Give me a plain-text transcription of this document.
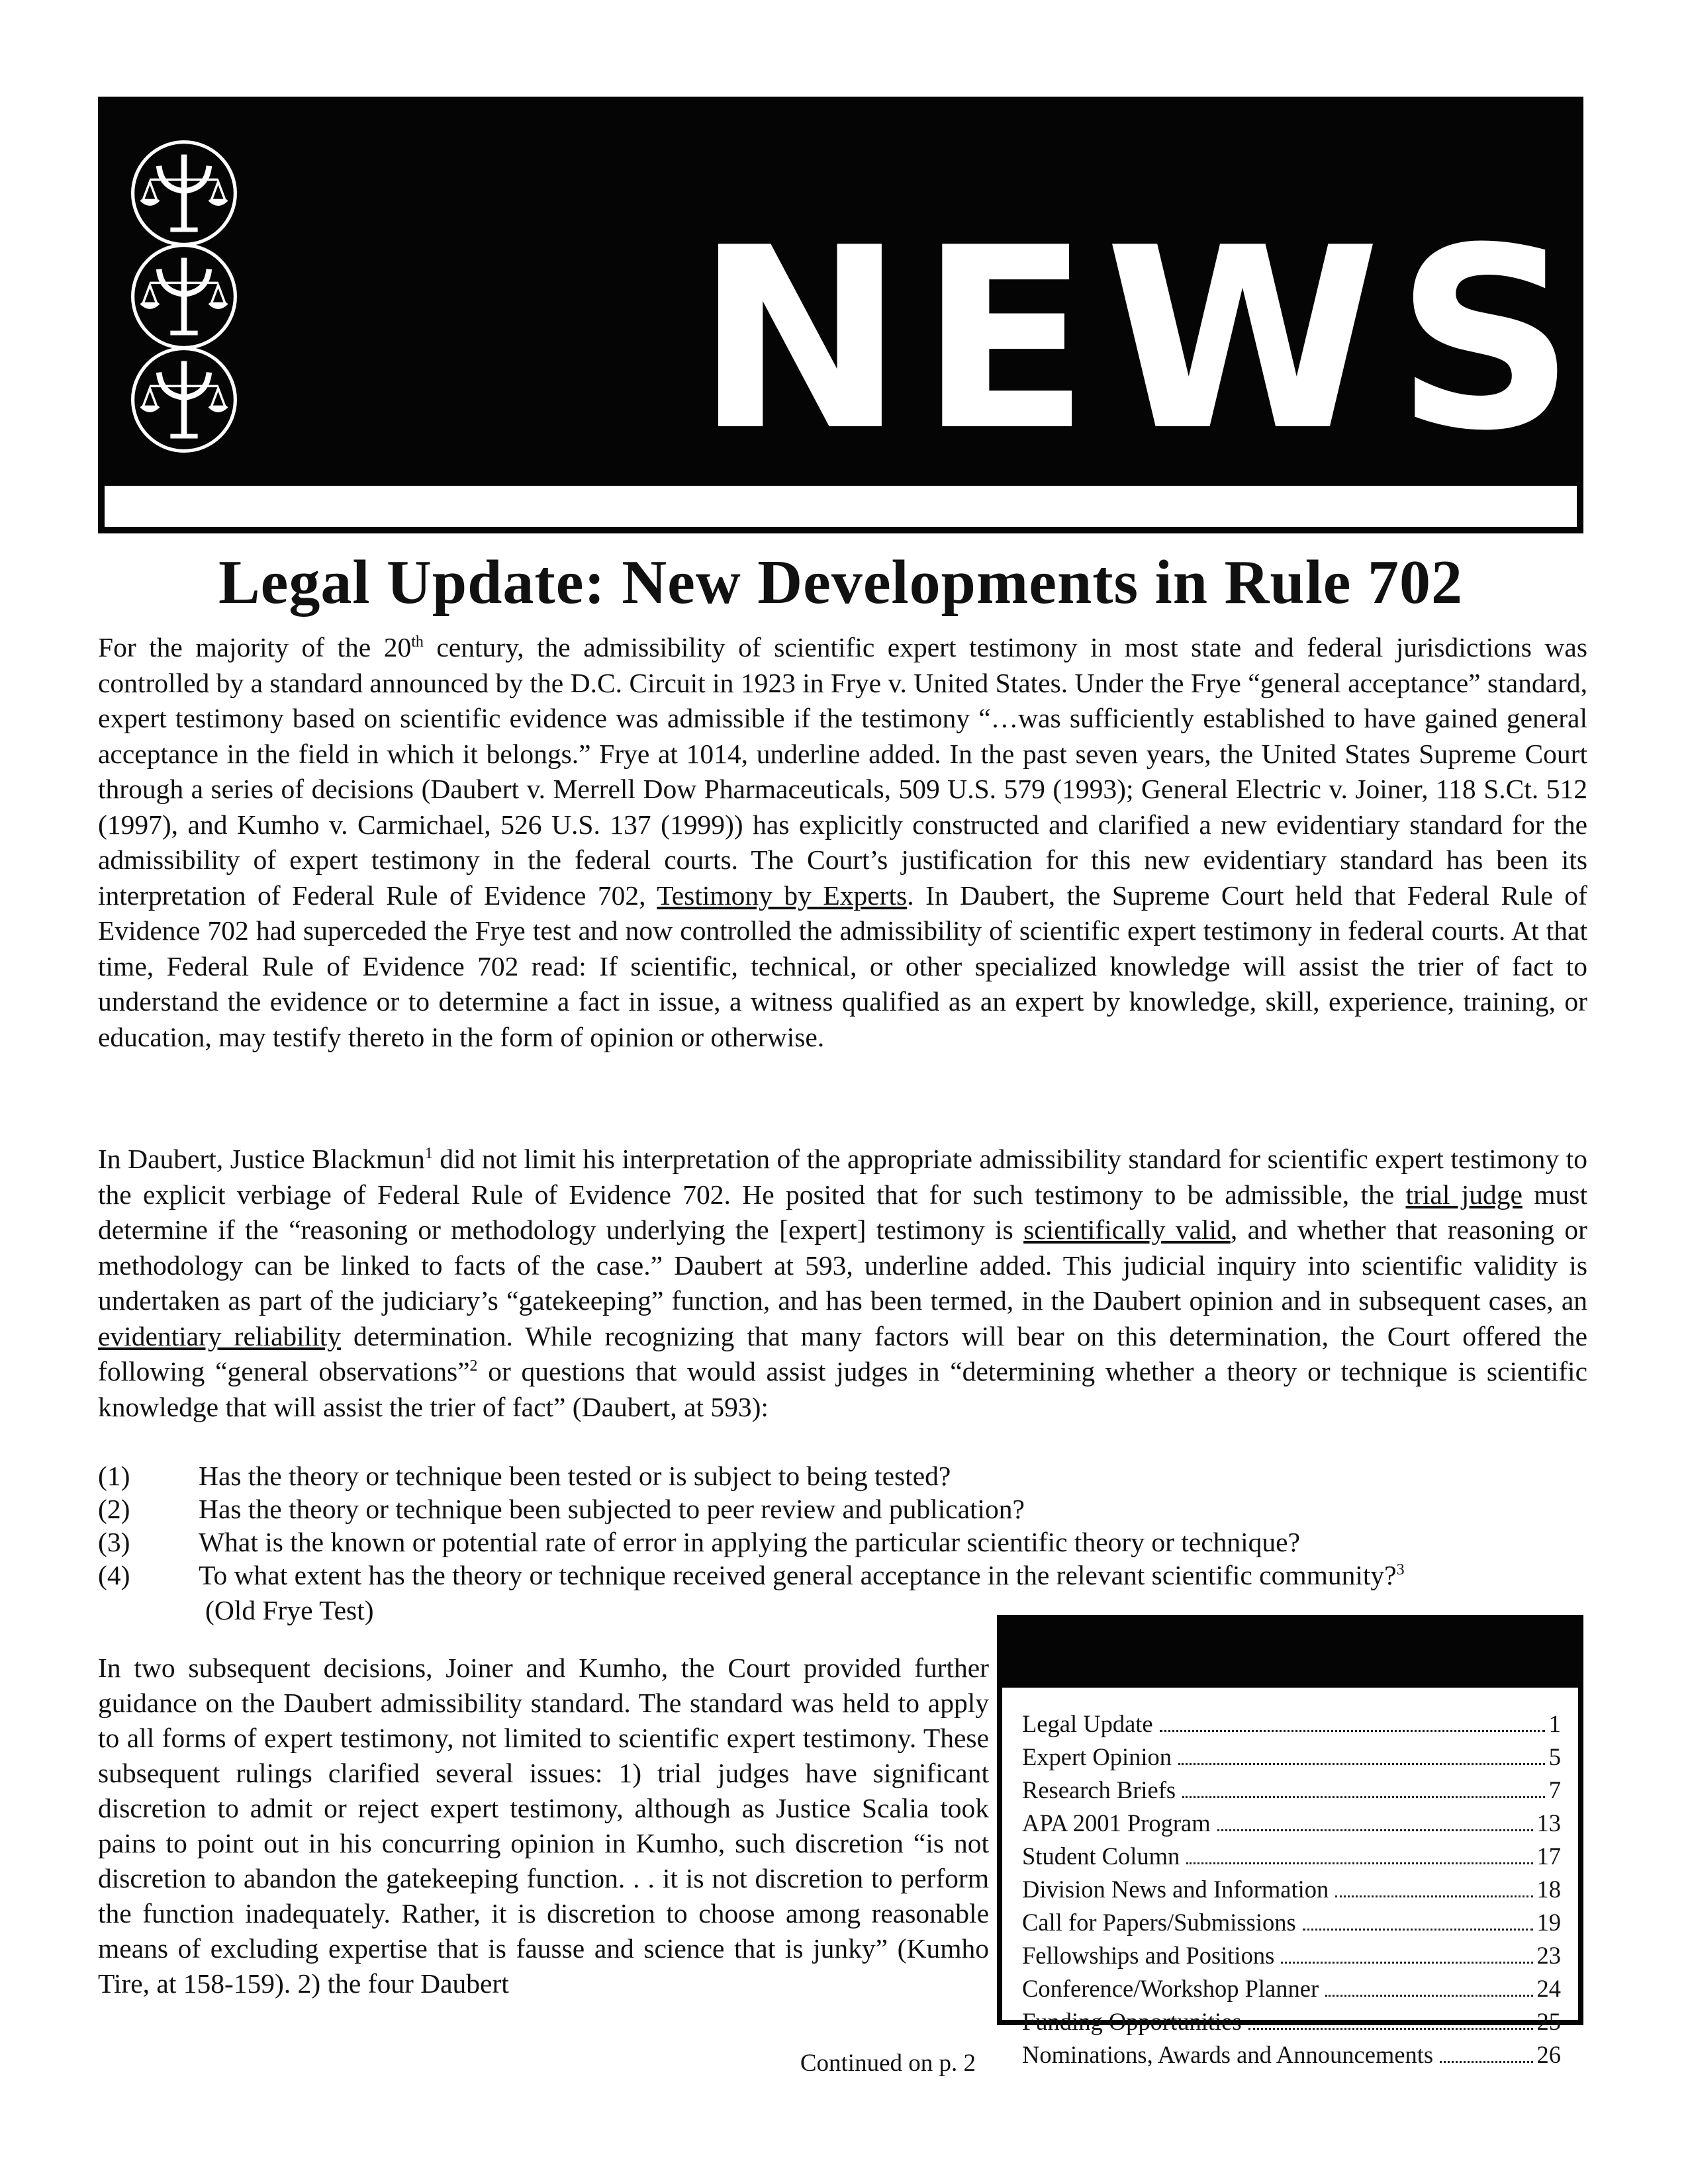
NEWS
Legal Update: New Developments in Rule 702

For the majority of the 20th century, the admissibility of scientific expert testimony in most state and federal jurisdictions was controlled by a standard announced by the D.C. Circuit in 1923 in Frye v. United States. Under the Frye “general acceptance” standard, expert testimony based on scientific evidence was admissible if the testimony “…was sufficiently established to have gained general acceptance in the field in which it belongs.” Frye at 1014, underline added. In the past seven years, the United States Supreme Court through a series of decisions (Daubert v. Merrell Dow Pharmaceuticals, 509 U.S. 579 (1993); General Electric v. Joiner, 118 S.Ct. 512 (1997), and Kumho v. Carmichael, 526 U.S. 137 (1999)) has explicitly constructed and clarified a new evidentiary standard for the admissibility of expert testimony in the federal courts. The Court’s justification for this new evidentiary standard has been its interpretation of Federal Rule of Evidence 702, Testimony by Experts. In Daubert, the Supreme Court held that Federal Rule of Evidence 702 had superceded the Frye test and now controlled the admissibility of scientific expert testimony in federal courts. At that time, Federal Rule of Evidence 702 read: If scientific, technical, or other specialized knowledge will assist the trier of fact to understand the evidence or to determine a fact in issue, a witness qualified as an expert by knowledge, skill, experience, training, or education, may testify thereto in the form of opinion or otherwise.

In Daubert, Justice Blackmun$^1$ did not limit his interpretation of the appropriate admissibility standard for scientific expert testimony to the explicit verbiage of Federal Rule of Evidence 702. He posited that for such testimony to be admissible, the trial judge must determine if the “reasoning or methodology underlying the [expert] testimony is scientifically valid, and whether that reasoning or methodology can be linked to facts of the case.” Daubert at 593, underline added. This judicial inquiry into scientific validity is undertaken as part of the judiciary’s “gatekeeping” function, and has been termed, in the Daubert opinion and in subsequent cases, an evidentiary reliability determination. While recognizing that many factors will bear on this determination, the Court offered the following “general observations”$^2$ or questions that would assist judges in “determining whether a theory or technique is scientific knowledge that will assist the trier of fact” (Daubert, at 593):

(1) Has the theory or technique been tested or is subject to being tested?
(2) Has the theory or technique been subjected to peer review and publication?
(3) What is the known or potential rate of error in applying the particular scientific theory or technique?
(4) To what extent has the theory or technique received general acceptance in the relevant scientific community?$^3$
(Old Frye Test)

In two subsequent decisions, Joiner and Kumho, the Court provided further guidance on the Daubert admissibility standard. The standard was held to apply to all forms of expert testimony, not limited to scientific expert testimony. These subsequent rulings clarified several issues: 1) trial judges have significant discretion to admit or reject expert testimony, although as Justice Scalia took pains to point out in his concurring opinion in Kumho, such discretion “is not discretion to abandon the gatekeeping function. . . it is not discretion to perform the function inadequately. Rather, it is discretion to choose among reasonable means of excluding expertise that is fausse and science that is junky” (Kumho Tire, at 158-159). 2) the four Daubert

Continued on p. 2
Legal Update	1
Expert Opinion	5
Research Briefs	7
APA 2001 Program	13
Student Column	17
Division News and Information	18
Call for Papers/Submissions	19
Fellowships and Positions	23
Conference/Workshop Planner	24
Funding Opportunities	25
Nominations, Awards and Announcements	26
